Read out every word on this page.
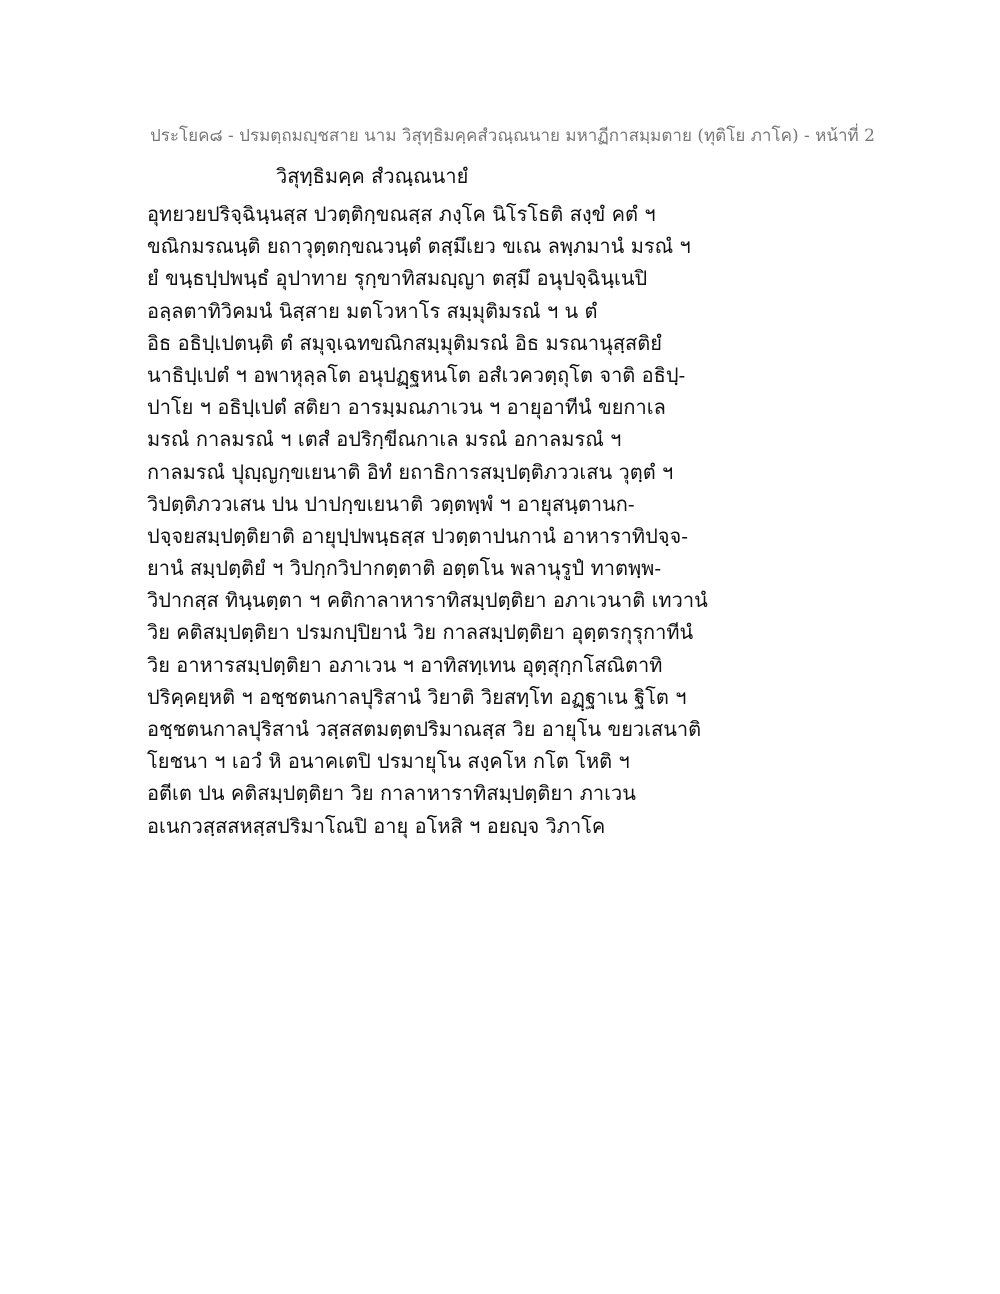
ประโยค๘ - ปรมตฺถมญฺชสาย นาม วิสุทฺธิมคฺคสํวณฺณนาย มหาฏีกาสมฺมตาย (ทุติโย ภาโค) - หน้าที่ 2
วิสุทฺธิมคฺค สํวณฺณนายํ
อุทยวยปริจฺฉินฺนสฺส ปวตฺติกฺขณสฺส ภงฺโค นิโรโธติ สงฺขํ คตํ ฯ
ขณิกมรณนฺติ ยถาวุตฺตกฺขณวนฺตํ ตสฺมึเยว ขเณ ลพฺภมานํ มรณํ ฯ
ยํ ขนฺธปฺปพนฺธํ อุปาทาย รุกฺขาทิสมญฺญา ตสฺมึ อนุปจฺฉินฺเนปิ
อลฺลตาทิวิคมนํ นิสฺสาย มตโวหาโร สมฺมุติมรณํ ฯ น ตํ
อิธ อธิปฺเปตนฺติ ตํ สมุจฺเฉทขณิกสมฺมุติมรณํ อิธ มรณานุสฺสติยํ
นาธิปฺเปตํ ฯ อพาหุลฺลโต อนุปฏฺฐหนโต อสํเวควตฺถุโต จาติ อธิปฺ-
ปาโย ฯ อธิปฺเปตํ สติยา อารมฺมณภาเวน ฯ อายุอาทีนํ ขยกาเล
มรณํ กาลมรณํ ฯ เตสํ อปริกฺขีณกาเล มรณํ อกาลมรณํ ฯ
กาลมรณํ ปุญฺญกฺขเยนาติ อิทํ ยถาธิการสมฺปตฺติภววเสน วุตฺตํ ฯ
วิปตฺติภววเสน ปน ปาปกฺขเยนาติ วตฺตพฺพํ ฯ อายุสนฺตานก-
ปจฺจยสมฺปตฺติยาติ อายุปฺปพนฺธสฺส ปวตฺตาปนกานํ อาหาราทิปจฺจ-
ยานํ สมฺปตฺติยํ ฯ วิปกฺกวิปากตฺตาติ อตฺตโน พลานุรูปํ ทาตพฺพ-
วิปากสฺส ทินฺนตฺตา ฯ คติกาลาหาราทิสมฺปตฺติยา อภาเวนาติ เทวานํ
วิย คติสมฺปตฺติยา ปรมกปฺปิยานํ วิย กาลสมฺปตฺติยา อุตฺตรกุรุกาทีนํ
วิย อาหารสมฺปตฺติยา อภาเวน ฯ อาทิสทฺเทน อุตฺสุกฺกโสณิตาทิ
ปริคฺคยฺหติ ฯ อชฺชตนกาลปุริสานํ วิยาติ วิยสทฺโท อฏฺฐาเน ฐิโต ฯ
อชฺชตนกาลปุริสานํ วสฺสสตมตฺตปริมาณสฺส วิย อายุโน ขยวเสนาติ
โยชนา ฯ เอวํ หิ อนาคเตปิ ปรมายุโน สงฺคโห กโต โหติ ฯ
อตีเต ปน คติสมฺปตฺติยา วิย กาลาหาราทิสมฺปตฺติยา ภาเวน
อเนกวสฺสสหสฺสปริมาโณปิ อายุ อโหสิ ฯ อยญฺจ วิภาโค
